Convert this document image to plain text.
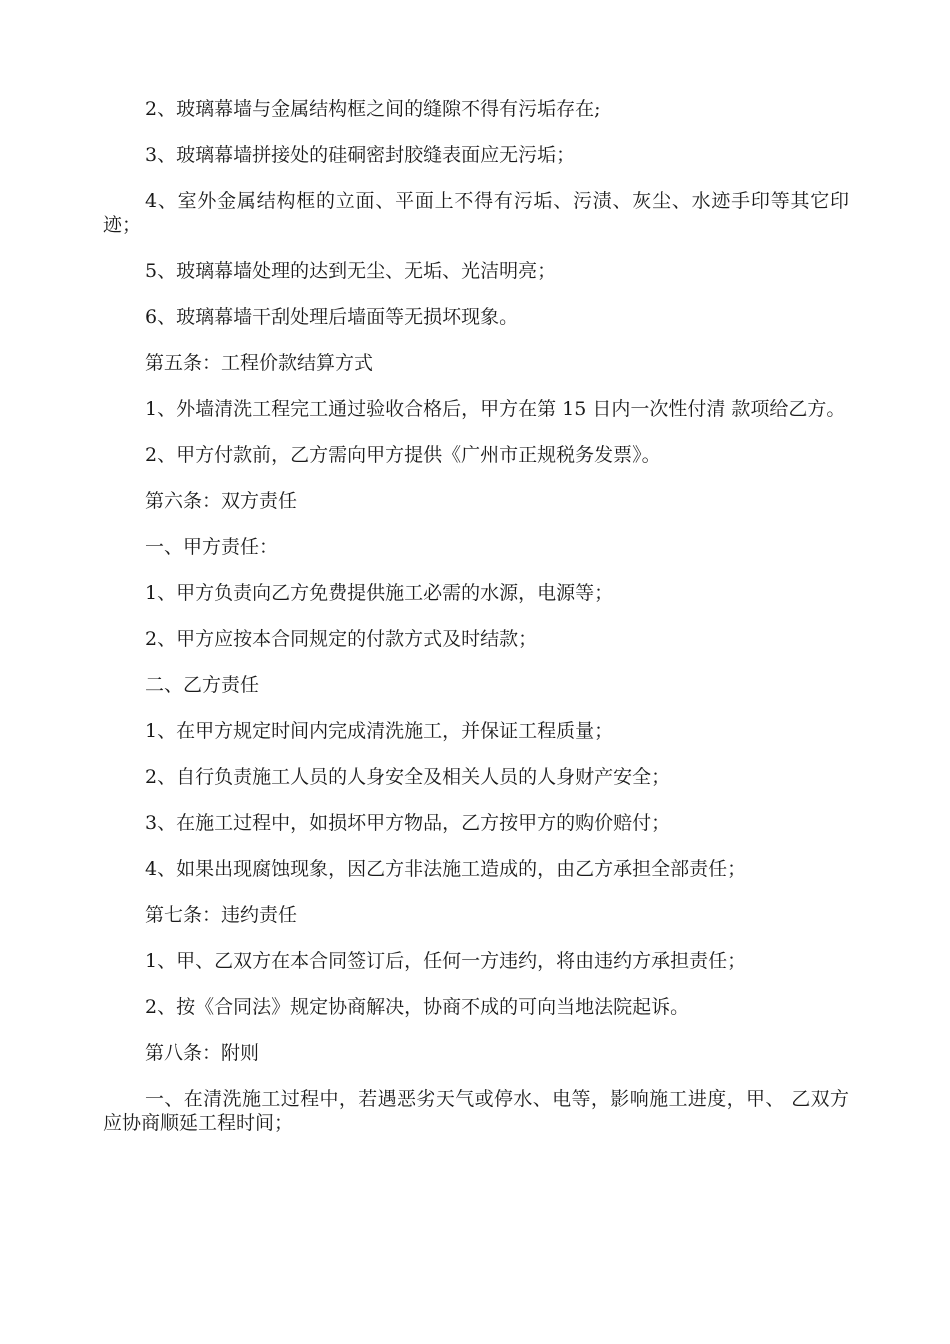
2、玻璃幕墙与金属结构框之间的缝隙不得有污垢存在;

3、玻璃幕墙拼接处的硅硐密封胶缝表面应无污垢；

4、室外金属结构框的立面、平面上不得有污垢、污渍、灰尘、水迹手印等其它印迹；

5、玻璃幕墙处理的达到无尘、无垢、光洁明亮；

6、玻璃幕墙干刮处理后墙面等无损坏现象。

第五条：工程价款结算方式

1、外墙清洗工程完工通过验收合格后，甲方在第 15 日内一次性付清 款项给乙方。

2、甲方付款前，乙方需向甲方提供《广州市正规税务发票》。

第六条：双方责任

一、甲方责任：

1、甲方负责向乙方免费提供施工必需的水源，电源等；

2、甲方应按本合同规定的付款方式及时结款；

二、乙方责任

1、在甲方规定时间内完成清洗施工，并保证工程质量；

2、自行负责施工人员的人身安全及相关人员的人身财产安全；

3、在施工过程中，如损坏甲方物品，乙方按甲方的购价赔付；

4、如果出现腐蚀现象，因乙方非法施工造成的，由乙方承担全部责任；

第七条：违约责任

1、甲、乙双方在本合同签订后，任何一方违约，将由违约方承担责任；

2、按《合同法》规定协商解决，协商不成的可向当地法院起诉。

第八条：附则

一、在清洗施工过程中，若遇恶劣天气或停水、电等，影响施工进度，甲、 乙双方应协商顺延工程时间；
